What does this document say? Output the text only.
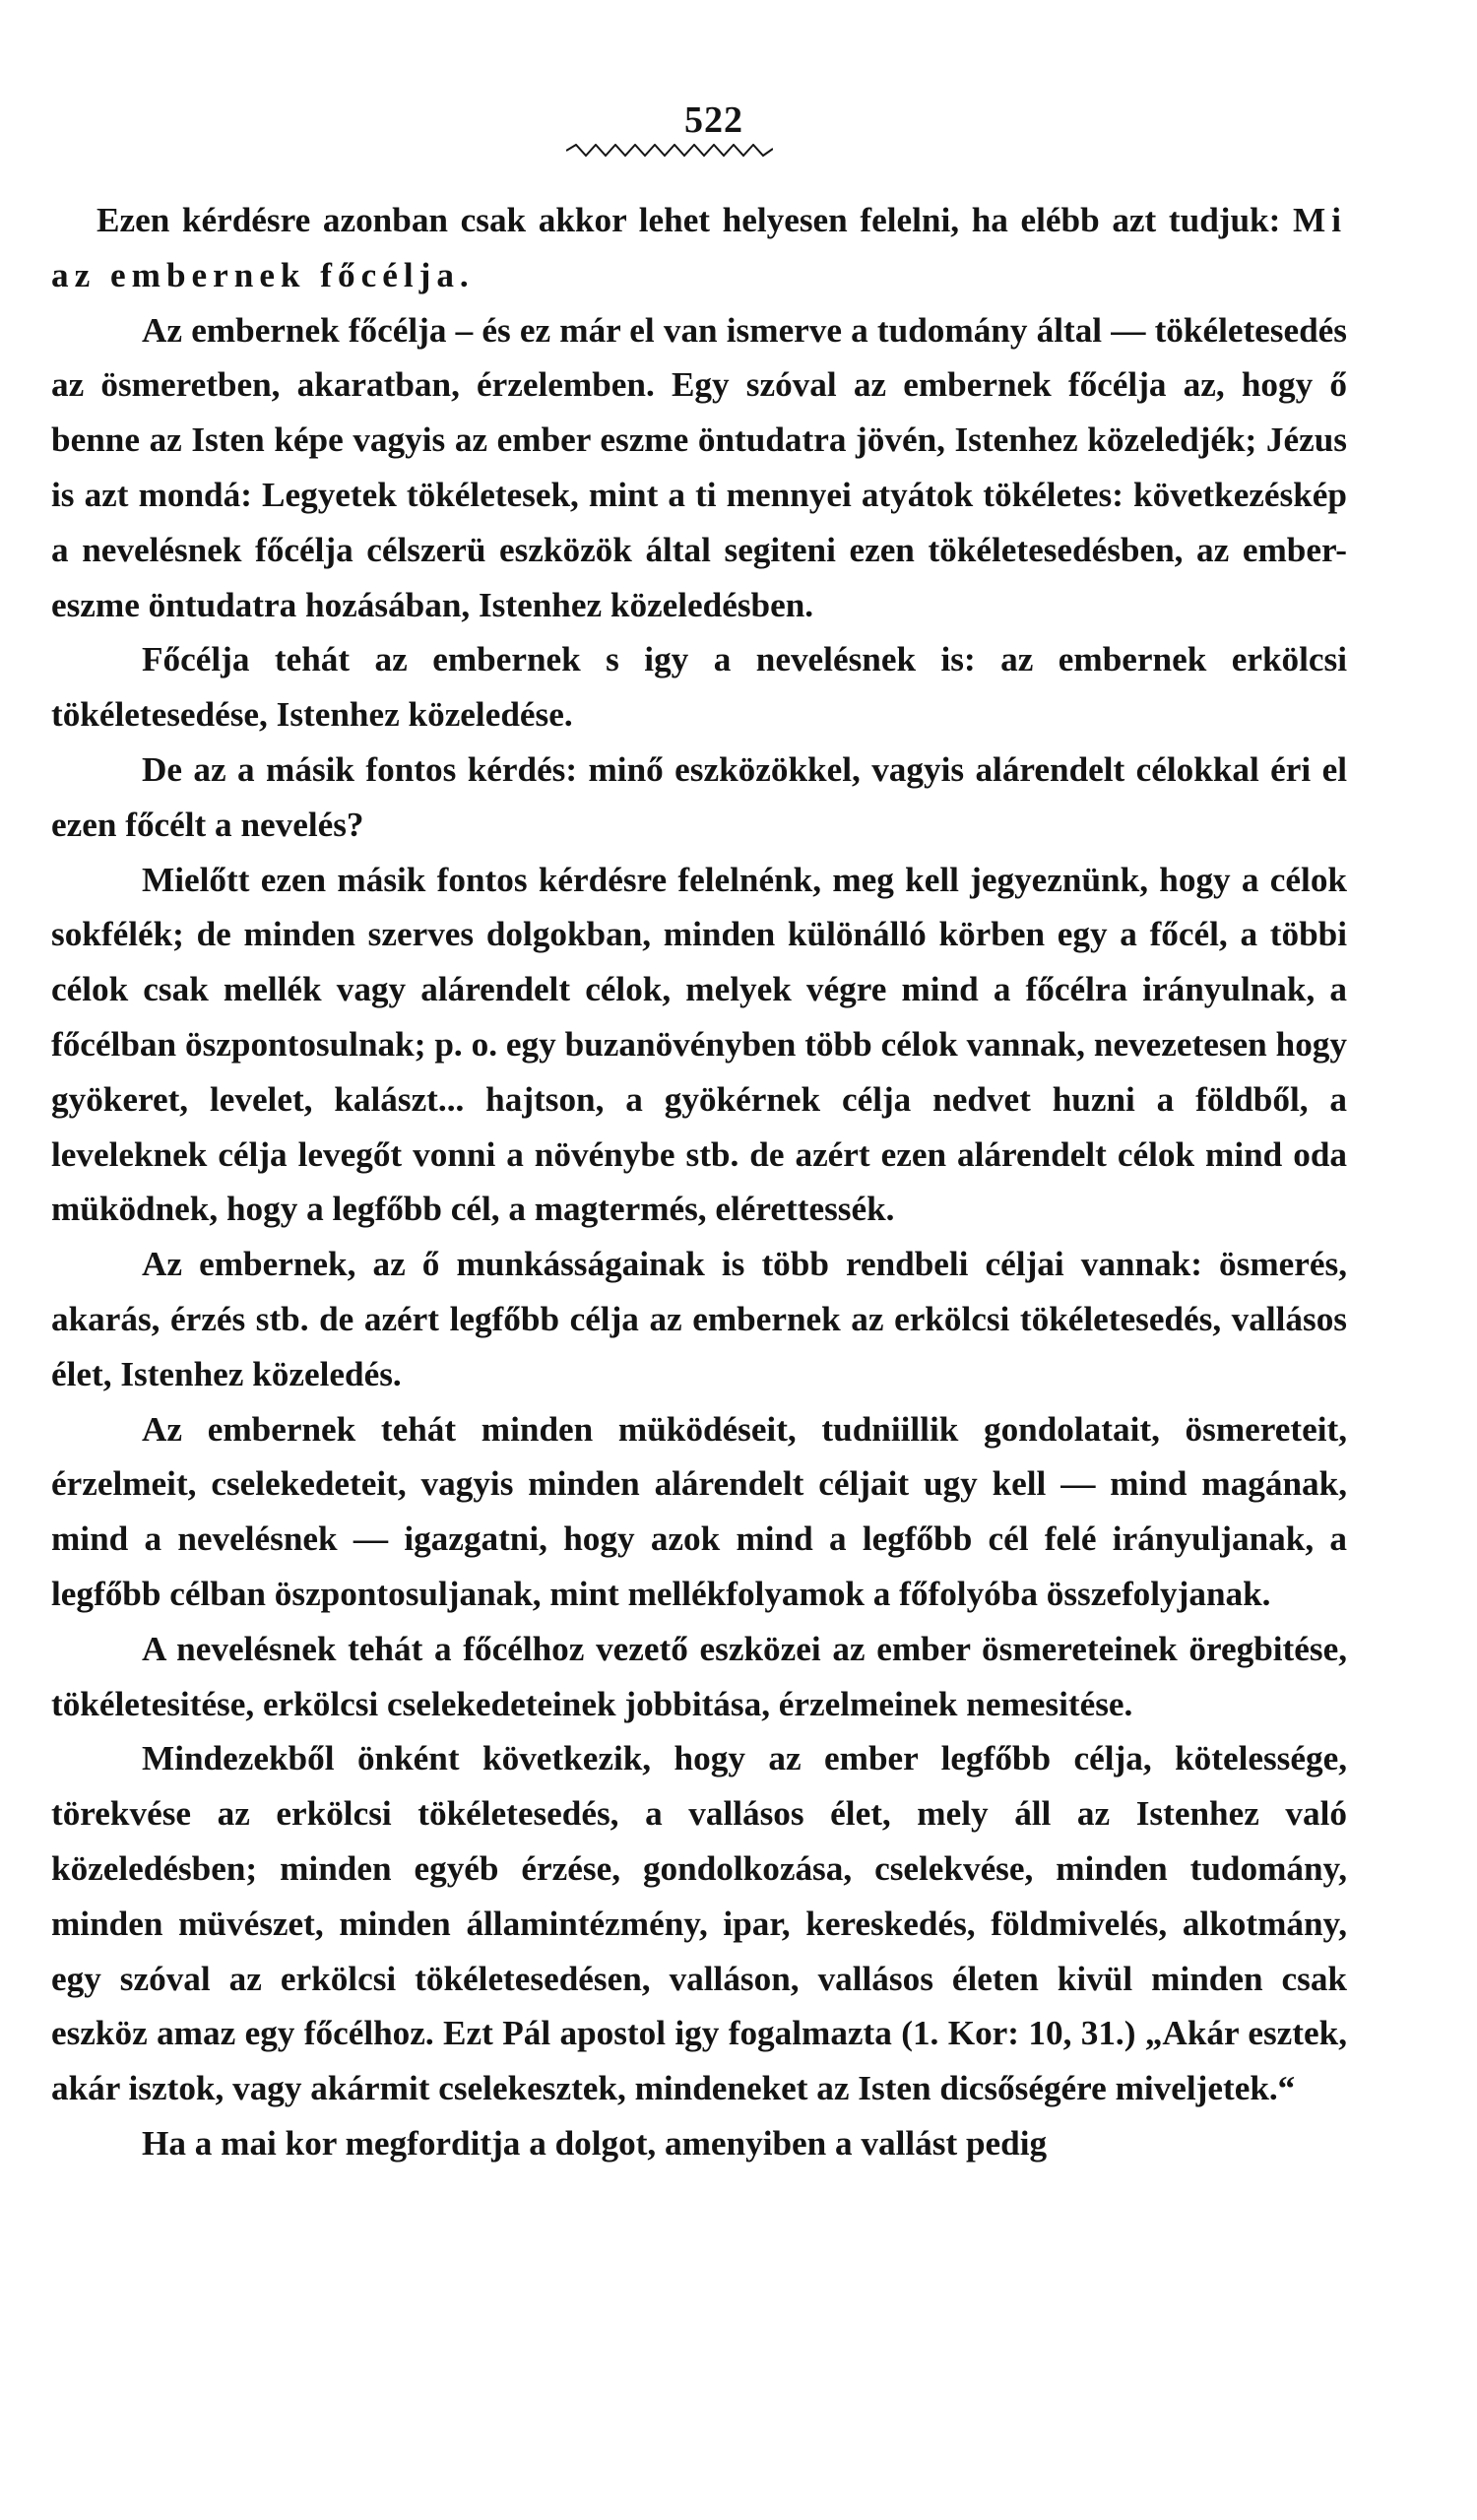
522

Ezen kérdésre azonban csak akkor lehet helyesen felelni, ha elébb azt tudjuk: Mi az embernek főcélja.

Az embernek főcélja – és ez már el van ismerve a tudomány által — tökéletesedés az ösmeretben, akaratban, érzelemben. Egy szóval az embernek főcélja az, hogy ő benne az Isten képe vagyis az ember eszme öntudatra jövén, Istenhez közeledjék; Jézus is azt mondá: Legyetek tökéletesek, mint a ti mennyei atyátok tökéletes: következéskép a nevelésnek főcélja célszerü eszközök által segiteni ezen tökéletesedésben, az ember-eszme öntudatra hozásában, Istenhez közeledésben.

Főcélja tehát az embernek s igy a nevelésnek is: az embernek erkölcsi tökéletesedése, Istenhez közeledése.

De az a másik fontos kérdés: minő eszközökkel, vagyis alárendelt célokkal éri el ezen főcélt a nevelés?

Mielőtt ezen másik fontos kérdésre felelnénk, meg kell jegyeznünk, hogy a célok sokfélék; de minden szerves dolgokban, minden különálló körben egy a főcél, a többi célok csak mellék vagy alárendelt célok, melyek végre mind a főcélra irányulnak, a főcélban öszpontosulnak; p. o. egy buzanövényben több célok vannak, nevezetesen hogy gyökeret, levelet, kalászt... hajtson, a gyökérnek célja nedvet huzni a földből, a leveleknek célja levegőt vonni a növénybe stb. de azért ezen alárendelt célok mind oda müködnek, hogy a legfőbb cél, a magtermés, elérettessék.

Az embernek, az ő munkásságainak is több rendbeli céljai vannak: ösmerés, akarás, érzés stb. de azért legfőbb célja az embernek az erkölcsi tökéletesedés, vallásos élet, Istenhez közeledés.

Az embernek tehát minden müködéseit, tudniillik gondolatait, ösmereteit, érzelmeit, cselekedeteit, vagyis minden alárendelt céljait ugy kell — mind magának, mind a nevelésnek — igazgatni, hogy azok mind a legfőbb cél felé irányuljanak, a legfőbb célban öszpontosuljanak, mint mellékfolyamok a főfolyóba összefolyjanak.

A nevelésnek tehát a főcélhoz vezető eszközei az ember ösmereteinek öregbitése, tökéletesitése, erkölcsi cselekedeteinek jobbitása, érzelmeinek nemesitése.

Mindezekből önként következik, hogy az ember legfőbb célja, kötelessége, törekvése az erkölcsi tökéletesedés, a vallásos élet, mely áll az Istenhez való közeledésben; minden egyéb érzése, gondolkozása, cselekvése, minden tudomány, minden müvészet, minden államintézmény, ipar, kereskedés, földmivelés, alkotmány, egy szóval az erkölcsi tökéletesedésen, valláson, vallásos életen kivül minden csak eszköz amaz egy főcélhoz. Ezt Pál apostol igy fogalmazta (1. Kor: 10, 31.) „Akár esztek, akár isztok, vagy akármit cselekesztek, mindeneket az Isten dicsőségére miveljetek.“

Ha a mai kor megforditja a dolgot, amenyiben a vallást pedig
